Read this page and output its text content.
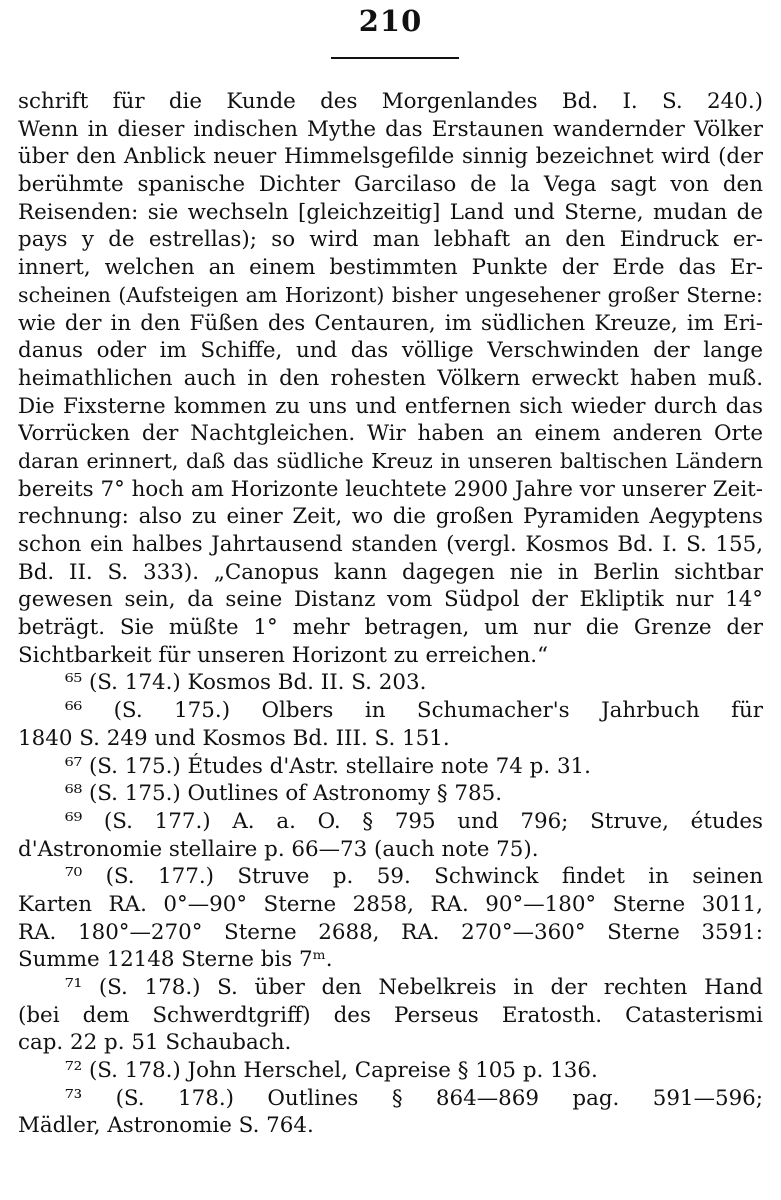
210
schrift für die Kunde des Morgenlandes Bd. I. S. 240.)
Wenn in dieser indischen Mythe das Erstaunen wandernder Völker
über den Anblick neuer Himmelsgefilde sinnig bezeichnet wird (der
berühmte spanische Dichter Garcilaso de la Vega sagt von den
Reisenden: sie wechseln [gleichzeitig] Land und Sterne, mudan de
pays y de estrellas); so wird man lebhaft an den Eindruck er-
innert, welchen an einem bestimmten Punkte der Erde das Er-
scheinen (Aufsteigen am Horizont) bisher ungesehener großer Sterne:
wie der in den Füßen des Centauren, im südlichen Kreuze, im Eri-
danus oder im Schiffe, und das völlige Verschwinden der lange
heimathlichen auch in den rohesten Völkern erweckt haben muß.
Die Fixsterne kommen zu uns und entfernen sich wieder durch das
Vorrücken der Nachtgleichen. Wir haben an einem anderen Orte
daran erinnert, daß das südliche Kreuz in unseren baltischen Ländern
bereits 7° hoch am Horizonte leuchtete 2900 Jahre vor unserer Zeit-
rechnung: also zu einer Zeit, wo die großen Pyramiden Aegyptens
schon ein halbes Jahrtausend standen (vergl. Kosmos Bd. I. S. 155,
Bd. II. S. 333). „Canopus kann dagegen nie in Berlin sichtbar
gewesen sein, da seine Distanz vom Südpol der Ekliptik nur 14°
beträgt. Sie müßte 1° mehr betragen, um nur die Grenze der
Sichtbarkeit für unseren Horizont zu erreichen.“
⁶⁵ (S. 174.) Kosmos Bd. II. S. 203.
⁶⁶ (S. 175.) Olbers in Schumacher's Jahrbuch für
1840 S. 249 und Kosmos Bd. III. S. 151.
⁶⁷ (S. 175.) Études d'Astr. stellaire note 74 p. 31.
⁶⁸ (S. 175.) Outlines of Astronomy § 785.
⁶⁹ (S. 177.) A. a. O. § 795 und 796; Struve, études
d'Astronomie stellaire p. 66—73 (auch note 75).
⁷⁰ (S. 177.) Struve p. 59. Schwinck findet in seinen
Karten RA. 0°—90° Sterne 2858, RA. 90°—180° Sterne 3011,
RA. 180°—270° Sterne 2688, RA. 270°—360° Sterne 3591:
Summe 12148 Sterne bis 7ᵐ.
⁷¹ (S. 178.) S. über den Nebelkreis in der rechten Hand
(bei dem Schwerdtgriff) des Perseus Eratosth. Catasterismi
cap. 22 p. 51 Schaubach.
⁷² (S. 178.) John Herschel, Capreise § 105 p. 136.
⁷³ (S. 178.) Outlines § 864—869 pag. 591—596;
Mädler, Astronomie S. 764.
